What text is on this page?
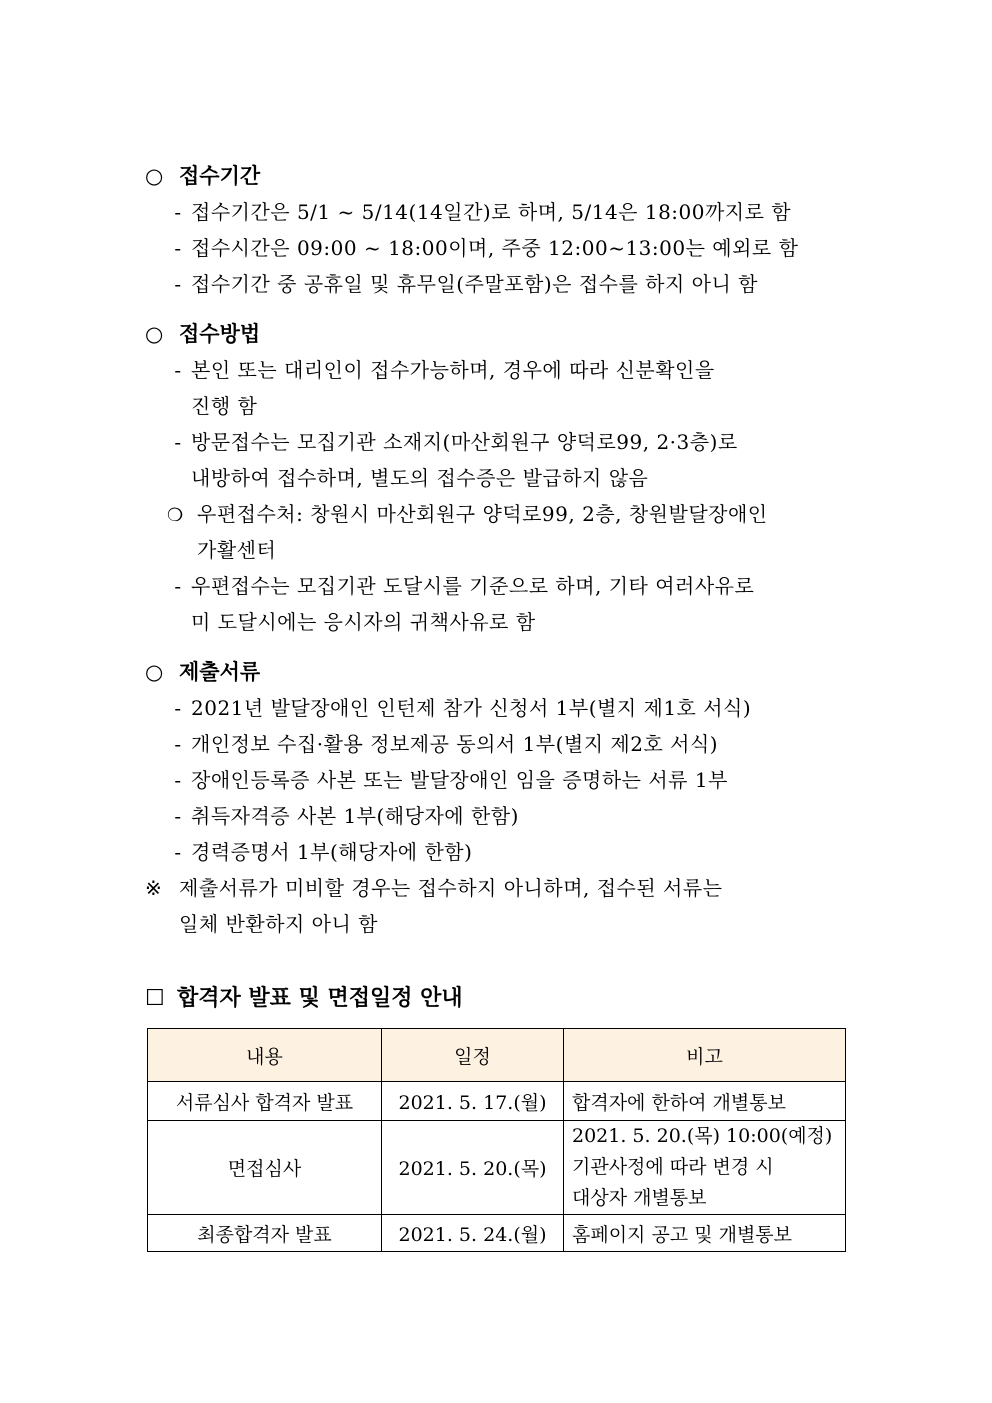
○ 접수기간
- 접수기간은 5/1 ~ 5/14(14일간)로 하며, 5/14은 18:00까지로 함
- 접수시간은 09:00 ~ 18:00이며, 주중 12:00~13:00는 예외로 함
- 접수기간 중 공휴일 및 휴무일(주말포함)은 접수를 하지 아니 함
○ 접수방법
- 본인 또는 대리인이 접수가능하며, 경우에 따라 신분확인을
진행 함
- 방문접수는 모집기관 소재지(마산회원구 양덕로99, 2·3층)로
내방하여 접수하며, 별도의 접수증은 발급하지 않음
❍ 우편접수처: 창원시 마산회원구 양덕로99, 2층, 창원발달장애인
가활센터
- 우편접수는 모집기관 도달시를 기준으로 하며, 기타 여러사유로
미 도달시에는 응시자의 귀책사유로 함
○ 제출서류
- 2021년 발달장애인 인턴제 참가 신청서 1부(별지 제1호 서식)
- 개인정보 수집·활용 정보제공 동의서 1부(별지 제2호 서식)
- 장애인등록증 사본 또는 발달장애인 임을 증명하는 서류 1부
- 취득자격증 사본 1부(해당자에 한함)
- 경력증명서 1부(해당자에 한함)
※ 제출서류가 미비할 경우는 접수하지 아니하며, 접수된 서류는
일체 반환하지 아니 함
☐ 합격자 발표 및 면접일정 안내
내용	일정	비고
서류심사 합격자 발표	2021. 5. 17.(월)	합격자에 한하여 개별통보
면접심사	2021. 5. 20.(목)	2021. 5. 20.(목) 10:00(예정)
기관사정에 따라 변경 시
대상자 개별통보

최종합격자 발표	2021. 5. 24.(월)	홈페이지 공고 및 개별통보
